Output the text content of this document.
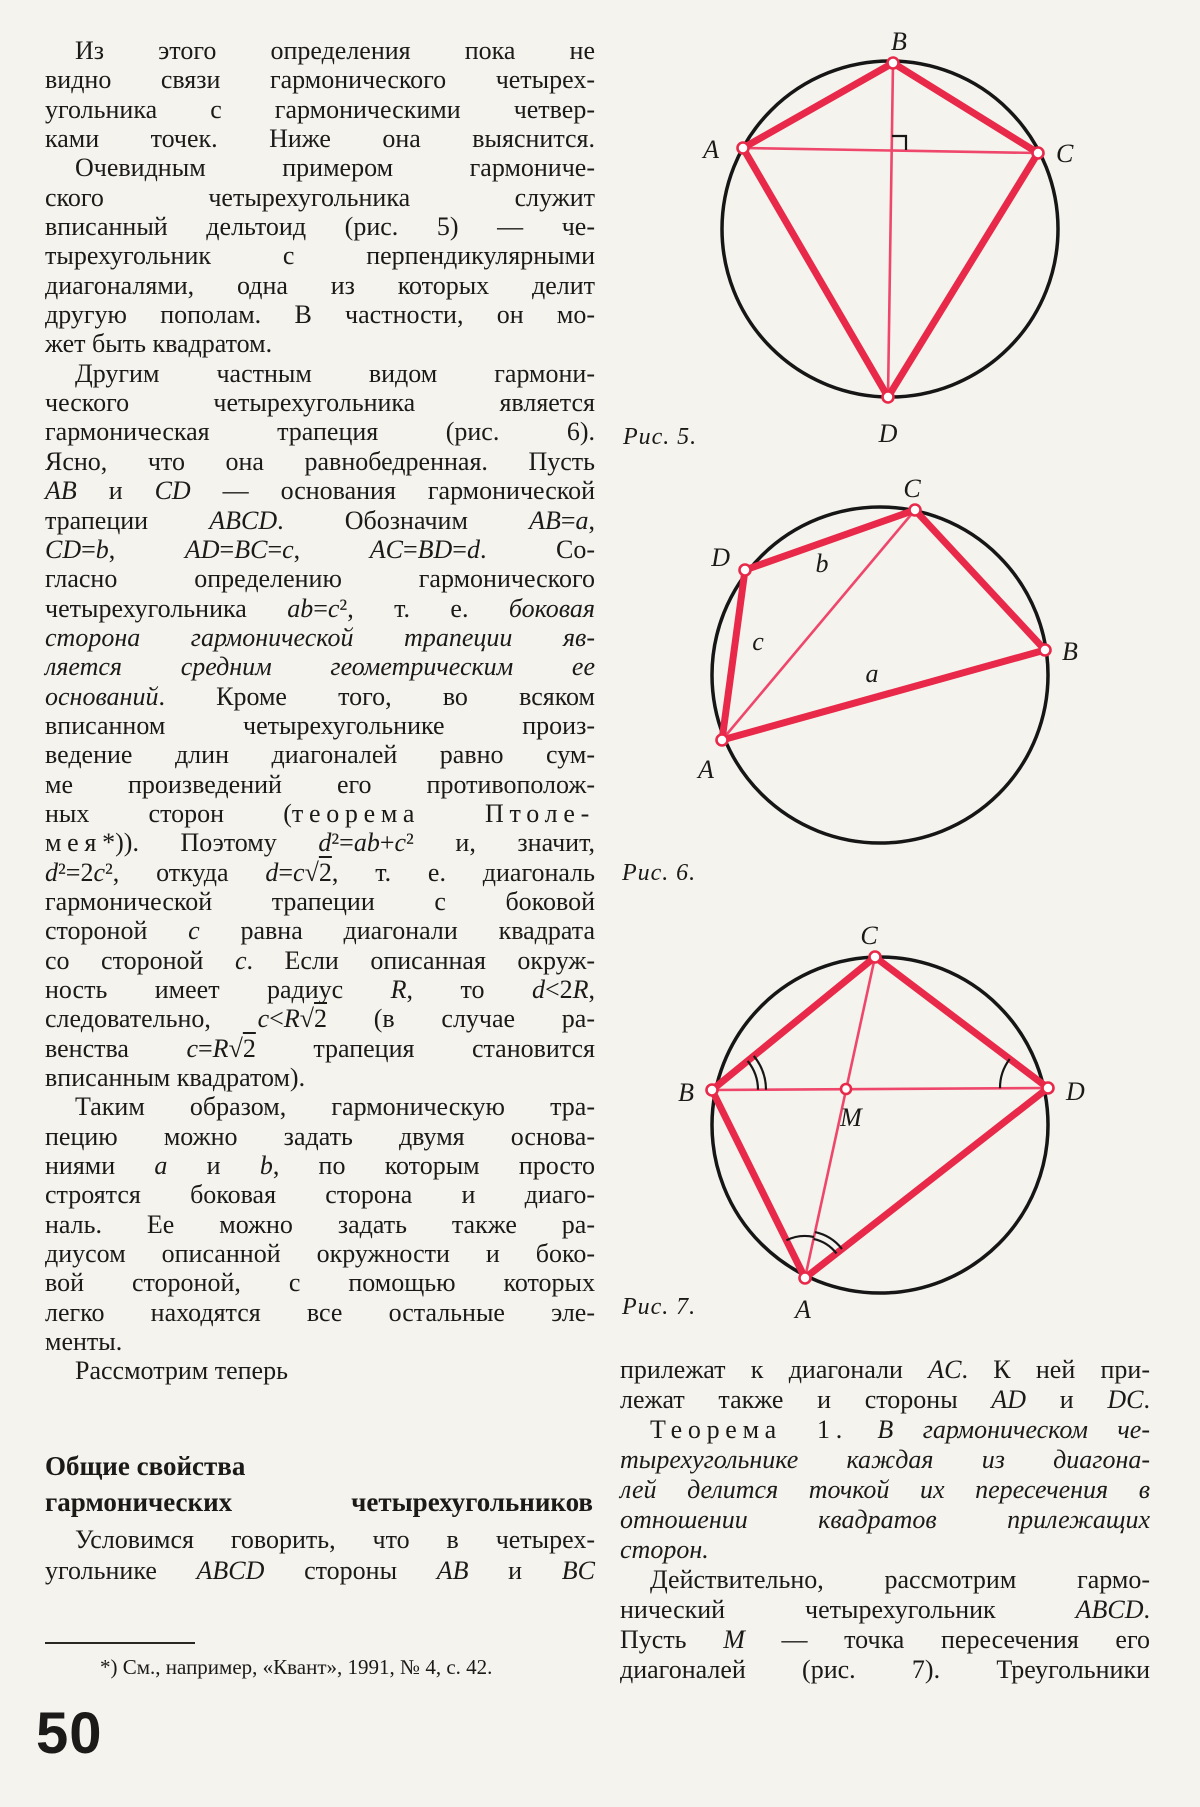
Из этого определения пока не
видно связи гармонического четырех-
угольника с гармоническими четвер-
ками точек. Ниже она выяснится.
Очевидным примером гармониче-
ского четырехугольника служит
вписанный дельтоид (рис. 5) — че-
тырехугольник с перпендикулярными
диагоналями, одна из которых делит
другую пополам. В частности, он мо-
жет быть квадратом.
Другим частным видом гармони-
ческого четырехугольника является
гармоническая трапеция (рис. 6).
Ясно, что она равнобедренная. Пусть
AB и CD — основания гармонической
трапеции ABCD. Обозначим AB=a,
CD=b, AD=BC=c, AC=BD=d. Со-
гласно определению гармонического
четырехугольника ab=c², т. е. боковая
сторона гармонической трапеции яв-
ляется средним геометрическим ее
оснований. Кроме того, во всяком
вписанном четырехугольнике произ-
ведение длин диагоналей равно сум-
ме произведений его противополож-
ных сторон (теорема Птоле-
мея*)). Поэтому d²=ab+c² и, значит,
d²=2c², откуда d=c√2, т. е. диагональ
гармонической трапеции с боковой
стороной c равна диагонали квадрата
со стороной c. Если описанная окруж-
ность имеет радиус R, то d<2R,
следовательно, c<R√2 (в случае ра-
венства c=R√2 трапеция становится
вписанным квадратом).
Таким образом, гармоническую тра-
пецию можно задать двумя основа-
ниями a и b, по которым просто
строятся боковая сторона и диаго-
наль. Ее можно задать также ра-
диусом описанной окружности и боко-
вой стороной, с помощью которых
легко находятся все остальные эле-
менты.
Рассмотрим теперь
Общие свойства
гармонических четырехугольников
Условимся говорить, что в четырех-
угольнике ABCD стороны AB и BC
*) См., например, «Квант», 1991, № 4, с. 42.
прилежат к диагонали AC. К ней при-
лежат также и стороны AD и DC.
Теорема 1. В гармоническом че-
тырехугольнике каждая из диагона-
лей делится точкой их пересечения в
отношении квадратов прилежащих
сторон.
Действительно, рассмотрим гармо-
нический четырехугольник ABCD.
Пусть M — точка пересечения его
диагоналей (рис. 7). Треугольники
50
Рис. 5.
Рис. 6.
Рис. 7.
B
A	C
D
C
D
B
A
b
c
a
C
B	D
M
A
